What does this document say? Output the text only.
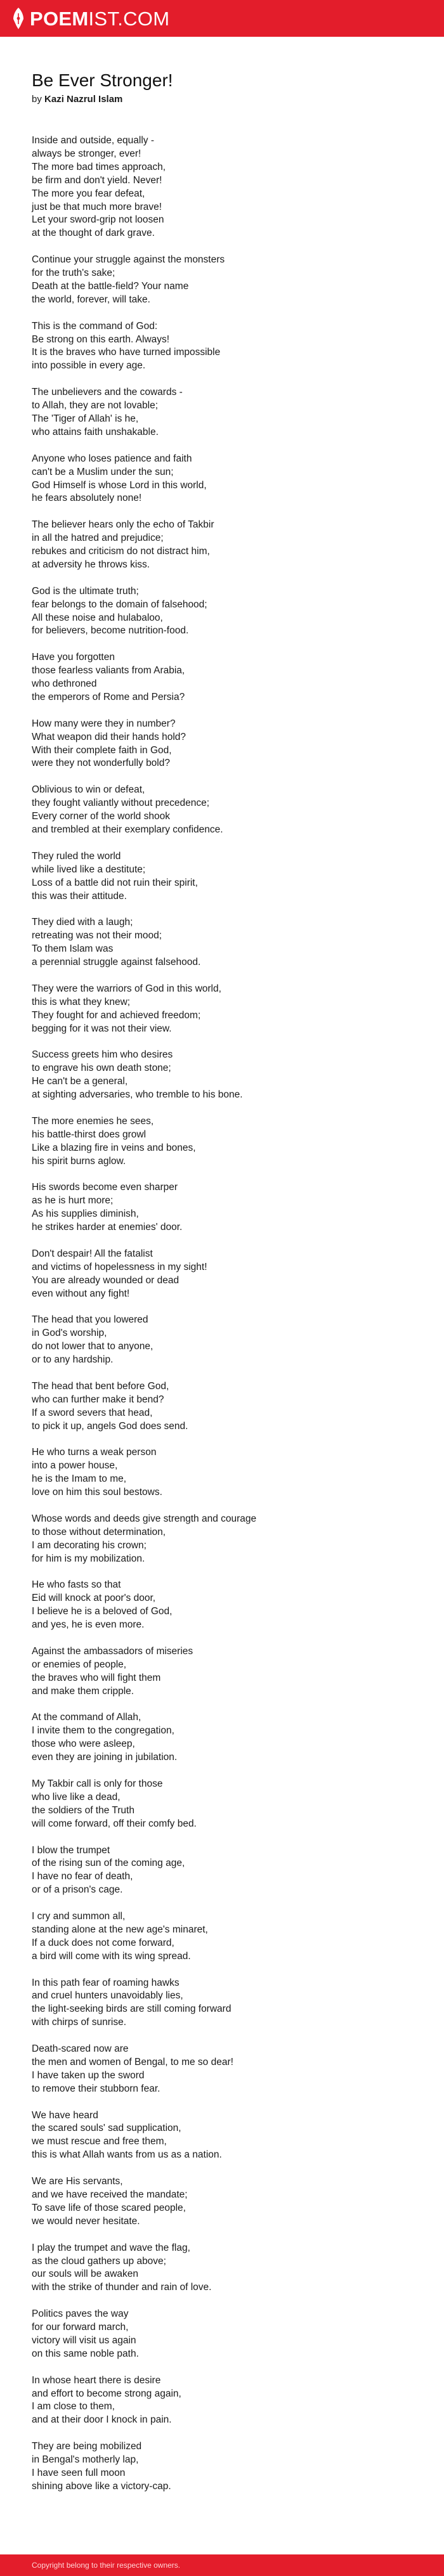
POEMIST.COM
Be Ever Stronger!
by Kazi Nazrul Islam
Inside and outside, equally -
always be stronger, ever!
The more bad times approach,
be firm and don't yield. Never!
The more you fear defeat,
just be that much more brave!
Let your sword-grip not loosen
at the thought of dark grave.
Continue your struggle against the monsters
for the truth's sake;
Death at the battle-field? Your name
the world, forever, will take.
This is the command of God:
Be strong on this earth. Always!
It is the braves who have turned impossible
into possible in every age.
The unbelievers and the cowards -
to Allah, they are not lovable;
The 'Tiger of Allah' is he,
who attains faith unshakable.
Anyone who loses patience and faith
can't be a Muslim under the sun;
God Himself is whose Lord in this world,
he fears absolutely none!
The believer hears only the echo of Takbir
in all the hatred and prejudice;
rebukes and criticism do not distract him,
at adversity he throws kiss.
God is the ultimate truth;
fear belongs to the domain of falsehood;
All these noise and hulabaloo,
for believers, become nutrition-food.
Have you forgotten
those fearless valiants from Arabia,
who dethroned
the emperors of Rome and Persia?
How many were they in number?
What weapon did their hands hold?
With their complete faith in God,
were they not wonderfully bold?
Oblivious to win or defeat,
they fought valiantly without precedence;
Every corner of the world shook
and trembled at their exemplary confidence.
They ruled the world
while lived like a destitute;
Loss of a battle did not ruin their spirit,
this was their attitude.
They died with a laugh;
retreating was not their mood;
To them Islam was
a perennial struggle against falsehood.
They were the warriors of God in this world,
this is what they knew;
They fought for and achieved freedom;
begging for it was not their view.
Success greets him who desires
to engrave his own death stone;
He can't be a general,
at sighting adversaries, who tremble to his bone.
The more enemies he sees,
his battle-thirst does growl
Like a blazing fire in veins and bones,
his spirit burns aglow.
His swords become even sharper
as he is hurt more;
As his supplies diminish,
he strikes harder at enemies' door.
Don't despair! All the fatalist
and victims of hopelessness in my sight!
You are already wounded or dead
even without any fight!
The head that you lowered
in God's worship,
do not lower that to anyone,
or to any hardship.
The head that bent before God,
who can further make it bend?
If a sword severs that head,
to pick it up, angels God does send.
He who turns a weak person
into a power house,
he is the Imam to me,
love on him this soul bestows.
Whose words and deeds give strength and courage
to those without determination,
I am decorating his crown;
for him is my mobilization.
He who fasts so that
Eid will knock at poor's door,
I believe he is a beloved of God,
and yes, he is even more.
Against the ambassadors of miseries
or enemies of people,
the braves who will fight them
and make them cripple.
At the command of Allah,
I invite them to the congregation,
those who were asleep,
even they are joining in jubilation.
My Takbir call is only for those
who live like a dead,
the soldiers of the Truth
will come forward, off their comfy bed.
I blow the trumpet
of the rising sun of the coming age,
I have no fear of death,
or of a prison's cage.
I cry and summon all,
standing alone at the new age's minaret,
If a duck does not come forward,
a bird will come with its wing spread.
In this path fear of roaming hawks
and cruel hunters unavoidably lies,
the light-seeking birds are still coming forward
with chirps of sunrise.
Death-scared now are
the men and women of Bengal, to me so dear!
I have taken up the sword
to remove their stubborn fear.
We have heard
the scared souls' sad supplication,
we must rescue and free them,
this is what Allah wants from us as a nation.
We are His servants,
and we have received the mandate;
To save life of those scared people,
we would never hesitate.
I play the trumpet and wave the flag,
as the cloud gathers up above;
our souls will be awaken
with the strike of thunder and rain of love.
Politics paves the way
for our forward march,
victory will visit us again
on this same noble path.
In whose heart there is desire
and effort to become strong again,
I am close to them,
and at their door I knock in pain.
They are being mobilized
in Bengal's motherly lap,
I have seen full moon
shining above like a victory-cap.
Copyright belong to their respective owners.
